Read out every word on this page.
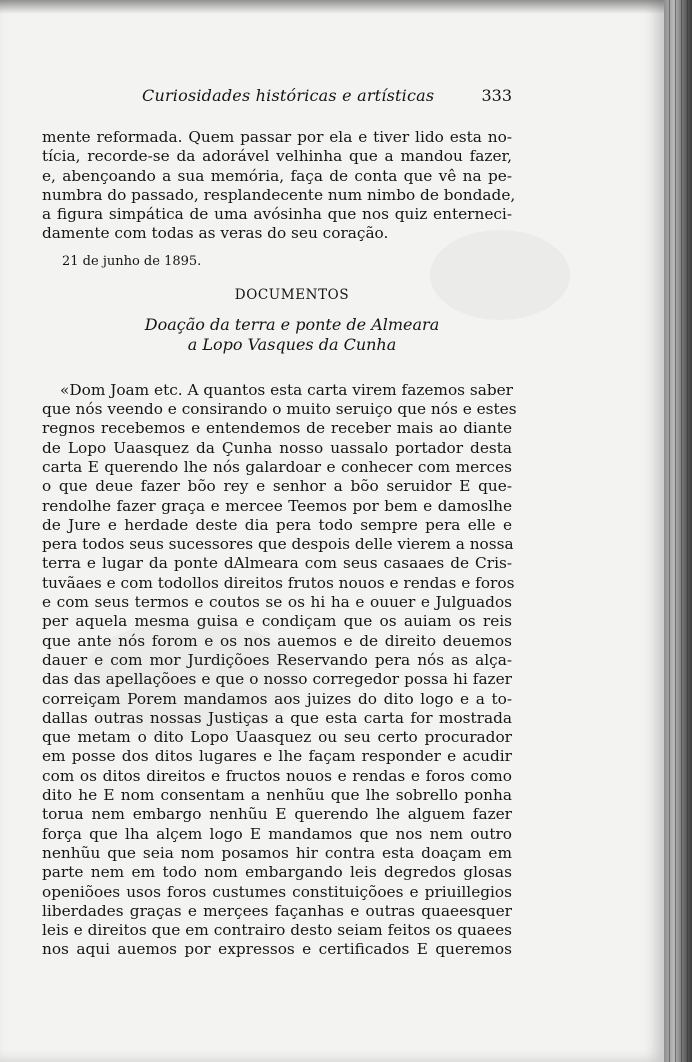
Curiosidades históricas e artísticas	333
mente reformada. Quem passar por ela e tiver lido esta no-
tícia, recorde-se da adorável velhinha que a mandou fazer,
e, abençoando a sua memória, faça de conta que vê na pe-
numbra do passado, resplandecente num nimbo de bondade,
a figura simpática de uma avósinha que nos quiz enterneci-
damente com todas as veras do seu coração.
21 de junho de 1895.
DOCUMENTOS
Doação da terra e ponte de Almeara
a Lopo Vasques da Cunha
«Dom Joam etc. A quantos esta carta virem fazemos saber
que nós veendo e consirando o muito seruiço que nós e estes
regnos recebemos e entendemos de receber mais ao diante
de Lopo Uaasquez da Çunha nosso uassalo portador desta
carta E querendo lhe nós galardoar e conhecer com merces
o que deue fazer bõo rey e senhor a bõo seruidor E que-
rendolhe fazer graça e mercee Teemos por bem e damoslhe
de Jure e herdade deste dia pera todo sempre pera elle e
pera todos seus sucessores que despois delle vierem a nossa
terra e lugar da ponte dAlmeara com seus casaaes de Cris-
tuvãaes e com todollos direitos frutos nouos e rendas e foros
e com seus termos e coutos se os hi ha e ouuer e Julguados
per aquela mesma guisa e condiçam que os auiam os reis
que ante nós forom e os nos auemos e de direito deuemos
dauer e com mor Jurdiçõoes Reservando pera nós as alça-
das das apellaçõoes e que o nosso corregedor possa hi fazer
correiçam Porem mandamos aos juizes do dito logo e a to-
dallas outras nossas Justiças a que esta carta for mostrada
que metam o dito Lopo Uaasquez ou seu certo procurador
em posse dos ditos lugares e lhe façam responder e acudir
com os ditos direitos e fructos nouos e rendas e foros como
dito he E nom consentam a nenhũu que lhe sobrello ponha
torua nem embargo nenhũu E querendo lhe alguem fazer
força que lha alçem logo E mandamos que nos nem outro
nenhũu que seia nom posamos hir contra esta doaçam em
parte nem em todo nom embargando leis degredos glosas
openiõoes usos foros custumes constituiçõoes e priuillegios
liberdades graças e merçees façanhas e outras quaeesquer
leis e direitos que em contrairo desto seiam feitos os quaees
nos aqui auemos por expressos e certificados E queremos
